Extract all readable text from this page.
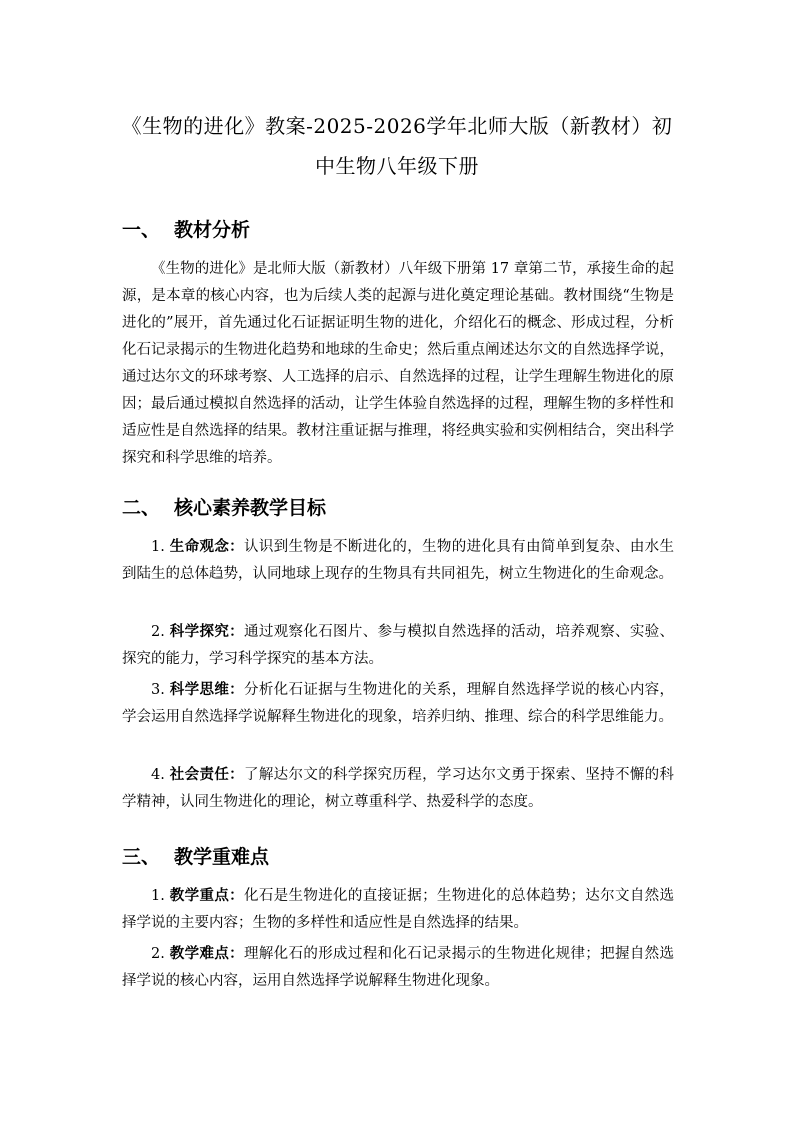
《生物的进化》教案-2025-2026学年北师大版（新教材）初中生物八年级下册
一、 教材分析
《生物的进化》是北师大版（新教材）八年级下册第 17 章第二节，承接生命的起源，是本章的核心内容，也为后续人类的起源与进化奠定理论基础。教材围绕“生物是进化的”展开，首先通过化石证据证明生物的进化，介绍化石的概念、形成过程，分析化石记录揭示的生物进化趋势和地球的生命史；然后重点阐述达尔文的自然选择学说，通过达尔文的环球考察、人工选择的启示、自然选择的过程，让学生理解生物进化的原因；最后通过模拟自然选择的活动，让学生体验自然选择的过程，理解生物的多样性和适应性是自然选择的结果。教材注重证据与推理，将经典实验和实例相结合，突出科学探究和科学思维的培养。
二、 核心素养教学目标
1. 生命观念：认识到生物是不断进化的，生物的进化具有由简单到复杂、由水生到陆生的总体趋势，认同地球上现存的生物具有共同祖先，树立生物进化的生命观念。
2. 科学探究：通过观察化石图片、参与模拟自然选择的活动，培养观察、实验、探究的能力，学习科学探究的基本方法。
3. 科学思维：分析化石证据与生物进化的关系，理解自然选择学说的核心内容，学会运用自然选择学说解释生物进化的现象，培养归纳、推理、综合的科学思维能力。
4. 社会责任：了解达尔文的科学探究历程，学习达尔文勇于探索、坚持不懈的科学精神，认同生物进化的理论，树立尊重科学、热爱科学的态度。
三、 教学重难点
1. 教学重点：化石是生物进化的直接证据；生物进化的总体趋势；达尔文自然选择学说的主要内容；生物的多样性和适应性是自然选择的结果。
2. 教学难点：理解化石的形成过程和化石记录揭示的生物进化规律；把握自然选择学说的核心内容，运用自然选择学说解释生物进化现象。
